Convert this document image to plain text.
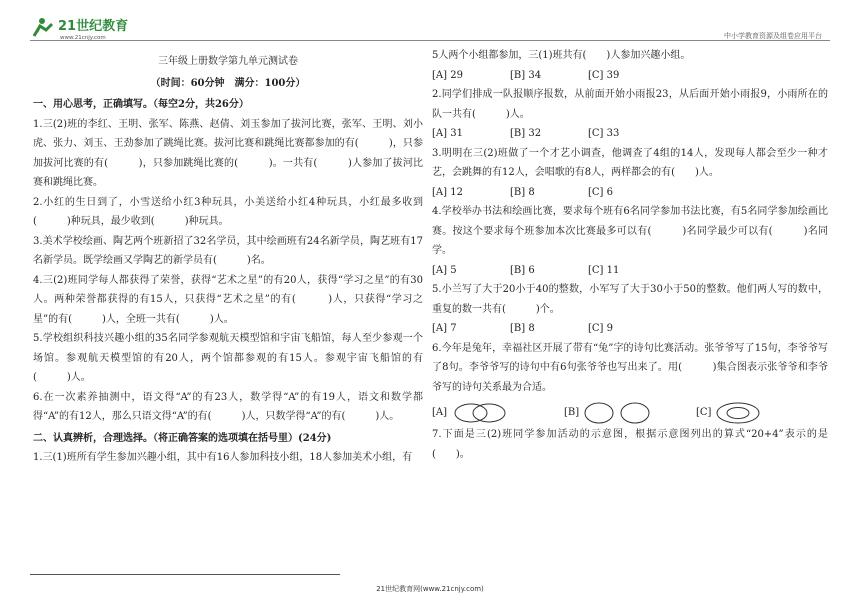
21世纪教育
www.21cnjy.com	中小学教育资源及组卷应用平台
三年级上册数学第九单元测试卷
（时间：60分钟　满分：100分）
一、用心思考，正确填写。（每空2分，共26分）

1.三(2)班的李红、王明、张军、陈燕、赵倩、刘玉参加了拔河比赛，张军、王明、刘小虎、张力、刘玉、王劲参加了跳绳比赛。拔河比赛和跳绳比赛都参加的有(　　　)，只参加拔河比赛的有(　　　)，只参加跳绳比赛的(　　　)。一共有(　　　)人参加了拔河比赛和跳绳比赛。

2.小红的生日到了，小雪送给小红3种玩具，小美送给小红4种玩具，小红最多收到(　　　)种玩具，最少收到(　　　)种玩具。

3.美术学校绘画、陶艺两个班新招了32名学员，其中绘画班有24名新学员，陶艺班有17名新学员。既学绘画又学陶艺的新学员有(　　　)名。

4.三(2)班同学每人都获得了荣誉，获得“艺术之星”的有20人，获得“学习之星”的有30人。两种荣誉都获得的有15人，只获得“艺术之星”的有(　　　)人，只获得“学习之星”的有(　　　)人，全班一共有(　　　)人。

5.学校组织科技兴趣小组的35名同学参观航天模型馆和宇宙飞船馆，每人至少参观一个场馆。参观航天模型馆的有20人，两个馆都参观的有15人。参观宇宙飞船馆的有(　　　)人。

6.在一次素养抽测中，语文得“A”的有23人，数学得“A”的有19人，语文和数学都得“A”的有12人，那么只语文得“A”的有(　　　)人，只数学得“A”的有(　　　)人。

二、认真辨析，合理选择。（将正确答案的选项填在括号里）(24分)

1.三(1)班所有学生参加兴趣小组，其中有16人参加科技小组，18人参加美术小组，有

5人两个小组都参加，三(1)班共有(　　)人参加兴趣小组。

[A] 29	[B] 34	[C] 39

2.同学们排成一队报顺序报数，从前面开始小雨报23，从后面开始小雨报9，小雨所在的队一共有(　　　)人。

[A] 31	[B] 32	[C] 33

3.明明在三(2)班做了一个才艺小调查，他调查了4组的14人，发现每人都会至少一种才艺，会跳舞的有12人，会唱歌的有8人，两样都会的有(　　)人。

[A] 12	[B] 8	[C] 6

4.学校举办书法和绘画比赛，要求每个班有6名同学参加书法比赛，有5名同学参加绘画比赛。按这个要求每个班参加本次比赛最多可以有(　　　)名同学最少可以有(　　　)名同学。

[A] 5	[B] 6	[C] 11

5.小兰写了大于20小于40的整数，小军写了大于30小于50的整数。他们两人写的数中，重复的数一共有(　　　)个。

[A] 7	[B] 8	[C] 9

6.今年是兔年，幸福社区开展了带有“兔”字的诗句比赛活动。张爷爷写了15句，李爷爷写了8句。李爷爷写的诗句中有6句张爷爷也写出来了。用(　　　)集合图表示张爷爷和李爷爷写的诗句关系最为合适。

[A]	[B]	[C]

7.下面是三(2)班同学参加活动的示意图，根据示意图列出的算式“20+4”表示的是(　　)。

21世纪教育网(www.21cnjy.com)
